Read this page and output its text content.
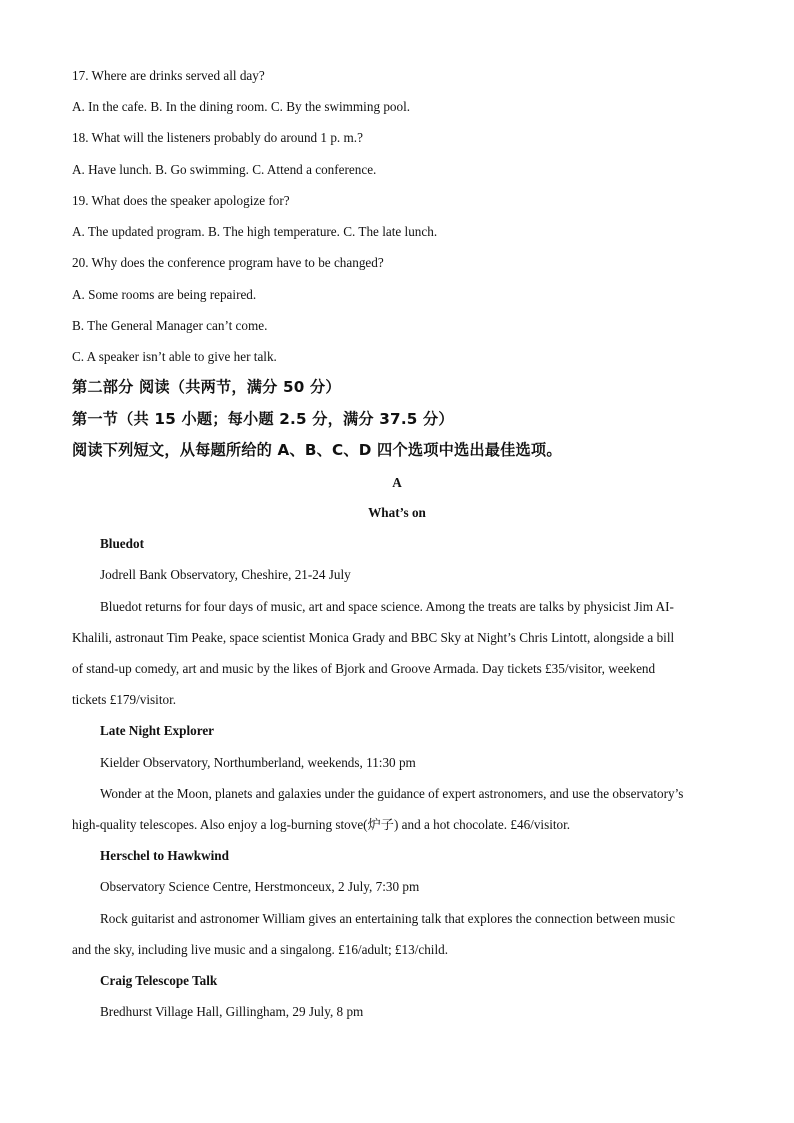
17. Where are drinks served all day?
A. In the cafe. B. In the dining room. C. By the swimming pool.
18. What will the listeners probably do around 1 p. m.?
A. Have lunch. B. Go swimming. C. Attend a conference.
19. What does the speaker apologize for?
A. The updated program. B. The high temperature. C. The late lunch.
20. Why does the conference program have to be changed?
A. Some rooms are being repaired.
B. The General Manager can’t come.
C. A speaker isn’t able to give her talk.
第二部分 阅读（共两节，满分 50 分）
第一节（共 15 小题；每小题 2.5 分，满分 37.5 分）
阅读下列短文，从每题所给的 A、B、C、D 四个选项中选出最佳选项。
A
What’s on
Bluedot
Jodrell Bank Observatory, Cheshire, 21-24 July
Bluedot returns for four days of music, art and space science. Among the treats are talks by physicist Jim AI-
Khalili, astronaut Tim Peake, space scientist Monica Grady and BBC Sky at Night’s Chris Lintott, alongside a bill
of stand-up comedy, art and music by the likes of Bjork and Groove Armada. Day tickets £35/visitor, weekend
tickets £179/visitor.
Late Night Explorer
Kielder Observatory, Northumberland, weekends, 11:30 pm
Wonder at the Moon, planets and galaxies under the guidance of expert astronomers, and use the observatory’s
high-quality telescopes. Also enjoy a log-burning stove(炉子) and a hot chocolate. £46/visitor.
Herschel to Hawkwind
Observatory Science Centre, Herstmonceux, 2 July, 7:30 pm
Rock guitarist and astronomer William gives an entertaining talk that explores the connection between music
and the sky, including live music and a singalong. £16/adult; £13/child.
Craig Telescope Talk
Bredhurst Village Hall, Gillingham, 29 July, 8 pm
